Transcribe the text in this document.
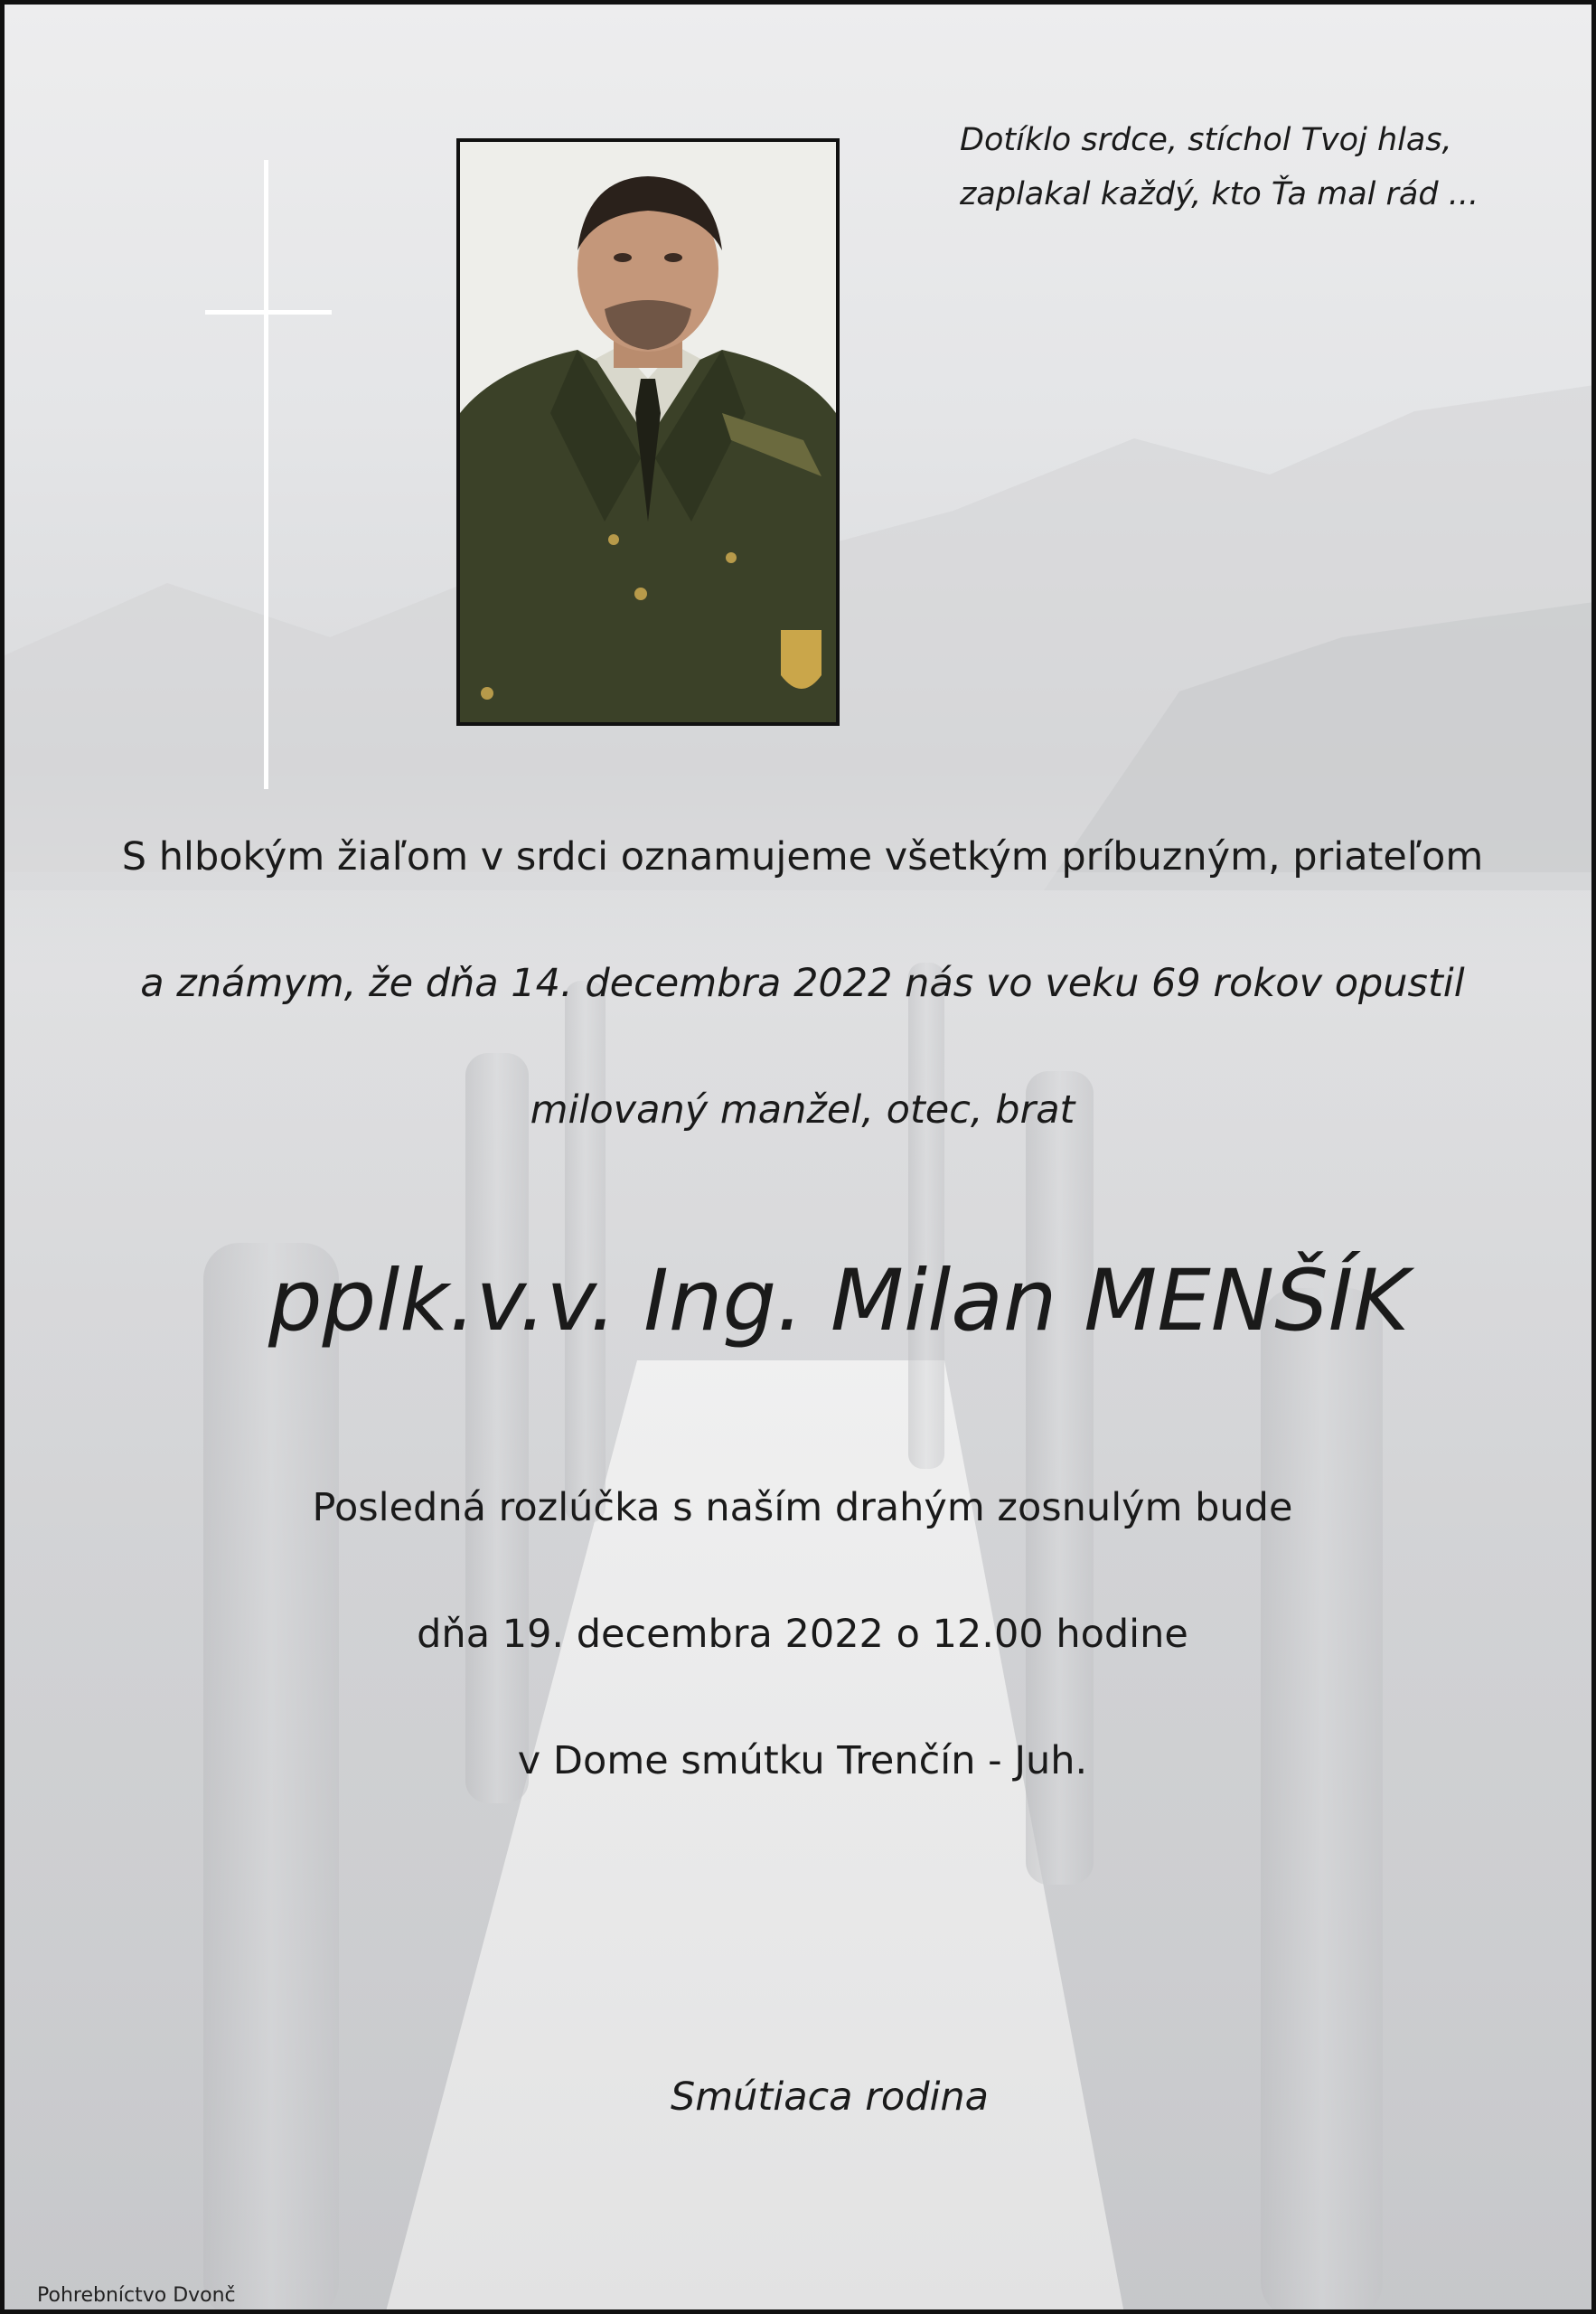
Dotíklo srdce, stíchol Tvoj hlas,
zaplakal každý, kto Ťa mal rád ...
S hlbokým žiaľom v srdci oznamujeme všetkým príbuzným, priateľom
a známym, že dňa 14. decembra 2022 nás vo veku 69 rokov opustil
milovaný manžel, otec, brat
pplk.v.v. Ing. Milan MENŠÍK
Posledná rozlúčka s naším drahým zosnulým bude
dňa 19. decembra 2022 o 12.00 hodine
v Dome smútku Trenčín - Juh.
Smútiaca rodina
Pohrebníctvo Dvonč
